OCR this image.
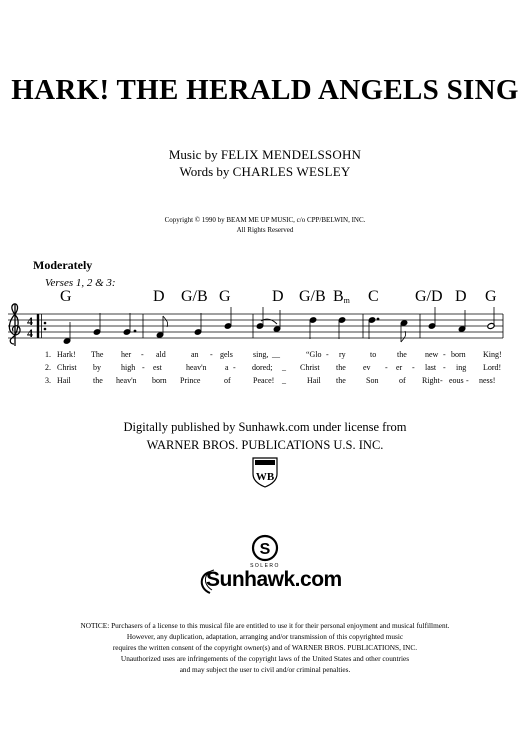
HARK! THE HERALD ANGELS SING
Music by FELIX MENDELSSOHN
Words by CHARLES WESLEY
Copyright © 1990 by BEAM ME UP MUSIC, c/o CPP/BELWIN, INC.
All Rights Reserved
Moderately
Verses 1, 2 & 3:
G	D G/B G	D G/B $B_m$ C G/D D G
4
4
1.
2.
3.
Hark! The her - ald	an - gels	sing, __	“Glo - ry	to	the new - born King!
Christ by	high - est	heav'n a - dored; _ Christ the ev - er - last - ing Lord!
Hail	the heav'n born Prince	of	Peace! _	Hail the	Son	of Right - eous - ness!
Digitally published by Sunhawk.com under license from
WARNER BROS. PUBLICATIONS U.S. INC.
WB
S
SOLERO
Sunhawk.com
NOTICE: Purchasers of a license to this musical file are entitled to use it for their personal enjoyment and musical fulfillment.
However, any duplication, adaptation, arranging and/or transmission of this copyrighted music
requires the written consent of the copyright owner(s) and of WARNER BROS. PUBLICATIONS, INC.
Unauthorized uses are infringements of the copyright laws of the United States and other countries
and may subject the user to civil and/or criminal penalties.
